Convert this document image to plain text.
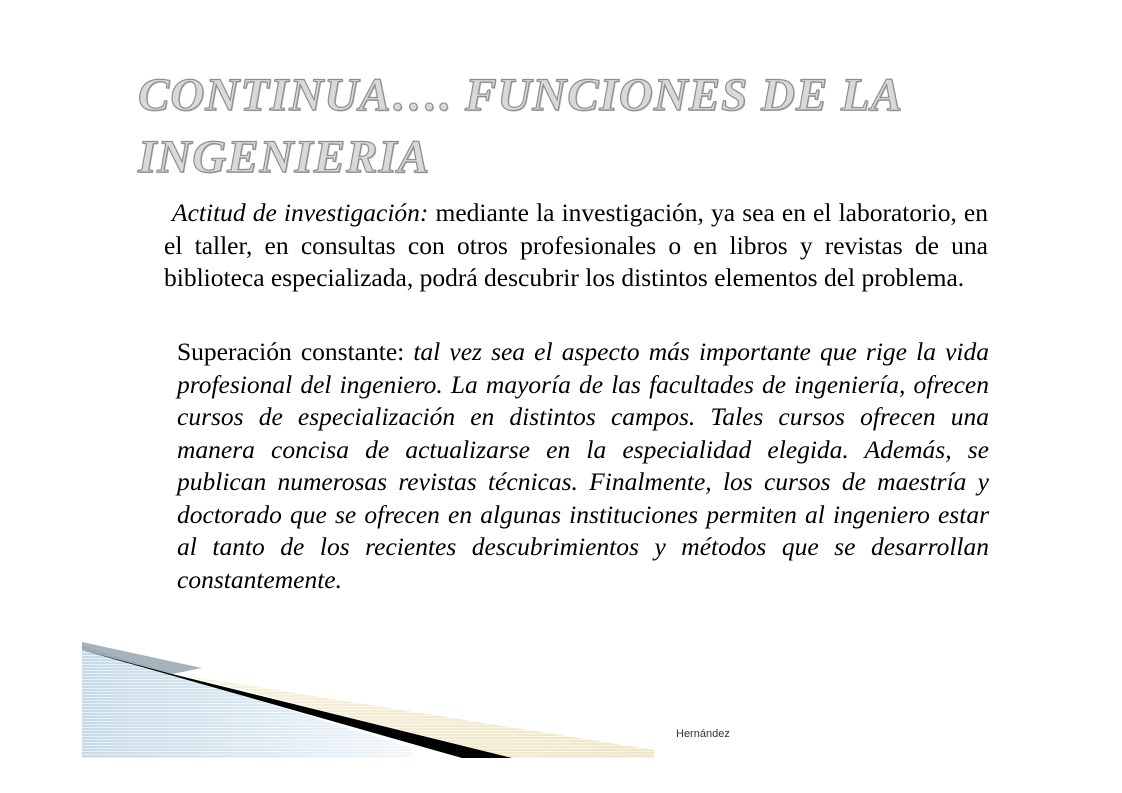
CONTINUA…. FUNCIONES DE LA INGENIERIA

Actitud de investigación: mediante la investigación, ya sea en el laboratorio, en el taller, en consultas con otros profesionales o en libros y revistas de una biblioteca especializada, podrá descubrir los distintos elementos del problema.

Superación constante: tal vez sea el aspecto más importante que rige la vida profesional del ingeniero. La mayoría de las facultades de ingeniería, ofrecen cursos de especialización en distintos campos. Tales cursos ofrecen una manera concisa de actualizarse en la especialidad elegida. Además, se publican numerosas revistas técnicas. Finalmente, los cursos de maestría y doctorado que se ofrecen en algunas instituciones permiten al ingeniero estar al tanto de los recientes descubrimientos y métodos que se desarrollan constantemente.

Hernández
